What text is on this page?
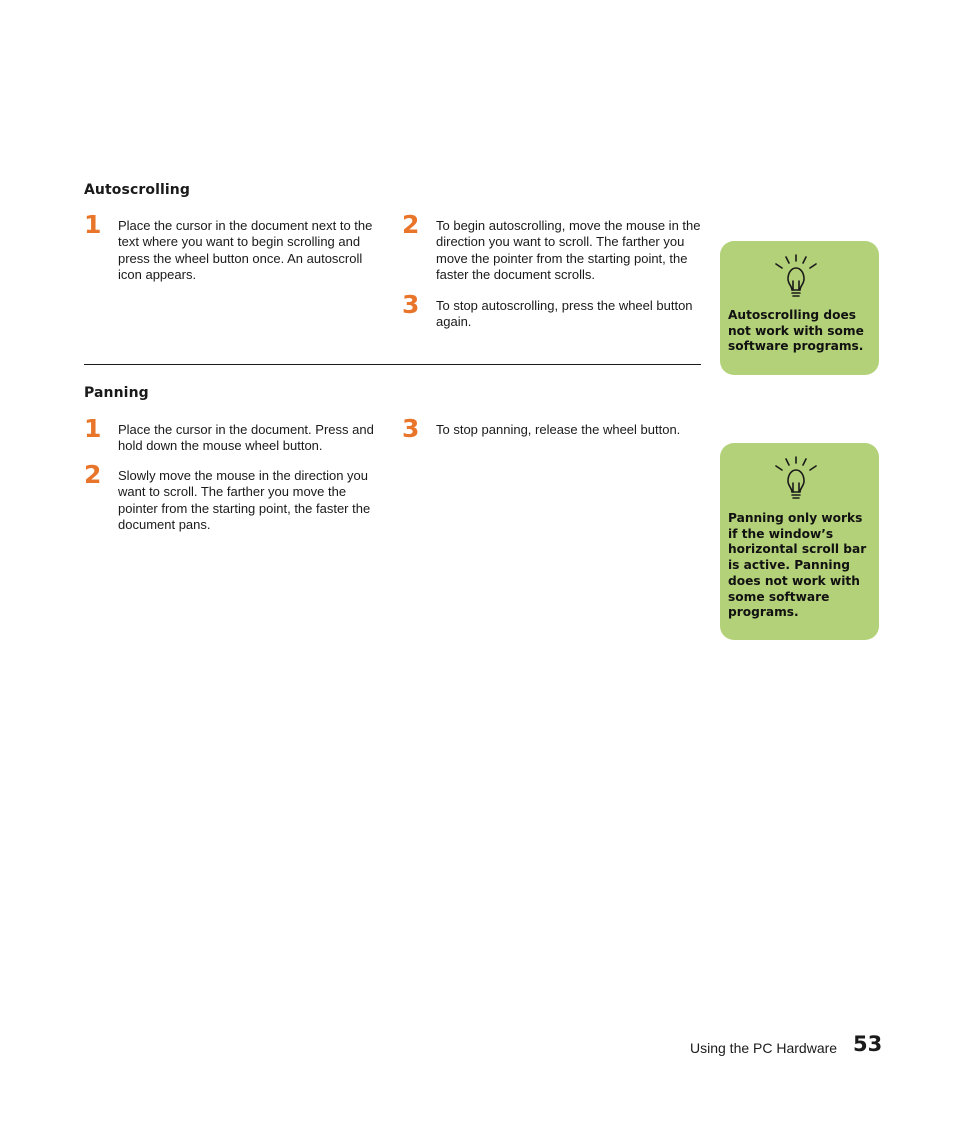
Autoscrolling
1	Place the cursor in the document next to the text where you want to begin scrolling and press the wheel button once. An autoscroll icon appears.
2	To begin autoscrolling, move the mouse in the direction you want to scroll. The farther you move the pointer from the starting point, the faster the document scrolls.
3	To stop autoscrolling, press the wheel button again.	Autoscrolling does not work with some software programs.
Panning
1	Place the cursor in the document. Press and hold down the mouse wheel button.
2	Slowly move the mouse in the direction you want to scroll. The farther you move the pointer from the starting point, the faster the document pans.
3	To stop panning, release the wheel button.
Panning only works if the window’s horizontal scroll bar is active. Panning does not work with some software programs.
Using the PC Hardware 53
